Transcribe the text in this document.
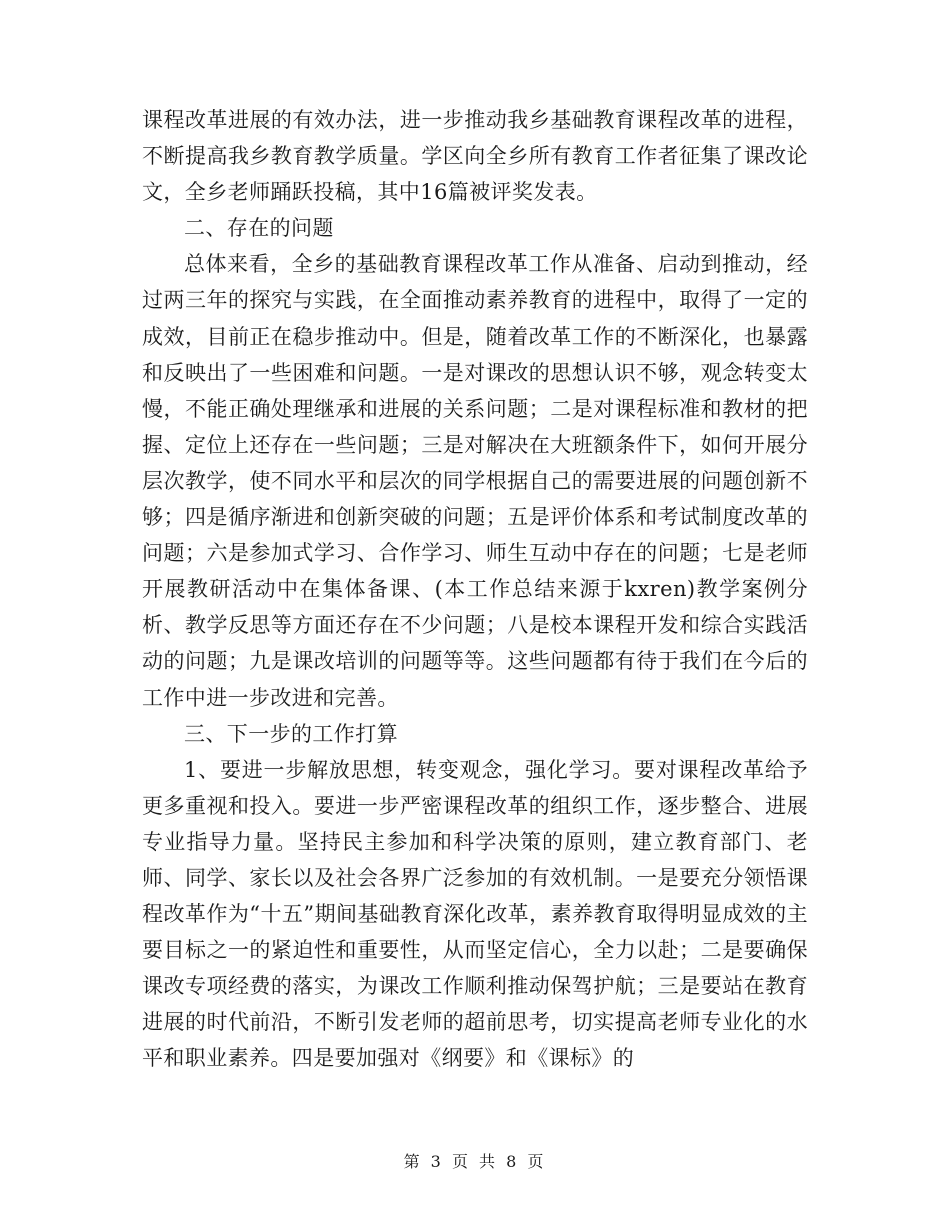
课程改革进展的有效办法，进一步推动我乡基础教育课程改革的进程，不断提高我乡教育教学质量。学区向全乡所有教育工作者征集了课改论文，全乡老师踊跃投稿，其中16篇被评奖发表。

二、存在的问题

总体来看，全乡的基础教育课程改革工作从准备、启动到推动，经过两三年的探究与实践，在全面推动素养教育的进程中，取得了一定的成效，目前正在稳步推动中。但是，随着改革工作的不断深化，也暴露和反映出了一些困难和问题。一是对课改的思想认识不够，观念转变太慢，不能正确处理继承和进展的关系问题；二是对课程标准和教材的把握、定位上还存在一些问题；三是对解决在大班额条件下，如何开展分层次教学，使不同水平和层次的同学根据自己的需要进展的问题创新不够；四是循序渐进和创新突破的问题；五是评价体系和考试制度改革的问题；六是参加式学习、合作学习、师生互动中存在的问题；七是老师开展教研活动中在集体备课、(本工作总结来源于kxren)教学案例分析、教学反思等方面还存在不少问题；八是校本课程开发和综合实践活动的问题；九是课改培训的问题等等。这些问题都有待于我们在今后的工作中进一步改进和完善。

三、下一步的工作打算

1、要进一步解放思想，转变观念，强化学习。要对课程改革给予更多重视和投入。要进一步严密课程改革的组织工作，逐步整合、进展专业指导力量。坚持民主参加和科学决策的原则，建立教育部门、老师、同学、家长以及社会各界广泛参加的有效机制。一是要充分领悟课程改革作为“十五”期间基础教育深化改革，素养教育取得明显成效的主要目标之一的紧迫性和重要性，从而坚定信心，全力以赴；二是要确保课改专项经费的落实，为课改工作顺利推动保驾护航；三是要站在教育进展的时代前沿，不断引发老师的超前思考，切实提高老师专业化的水平和职业素养。四是要加强对《纲要》和《课标》的

第 3 页 共 8 页
